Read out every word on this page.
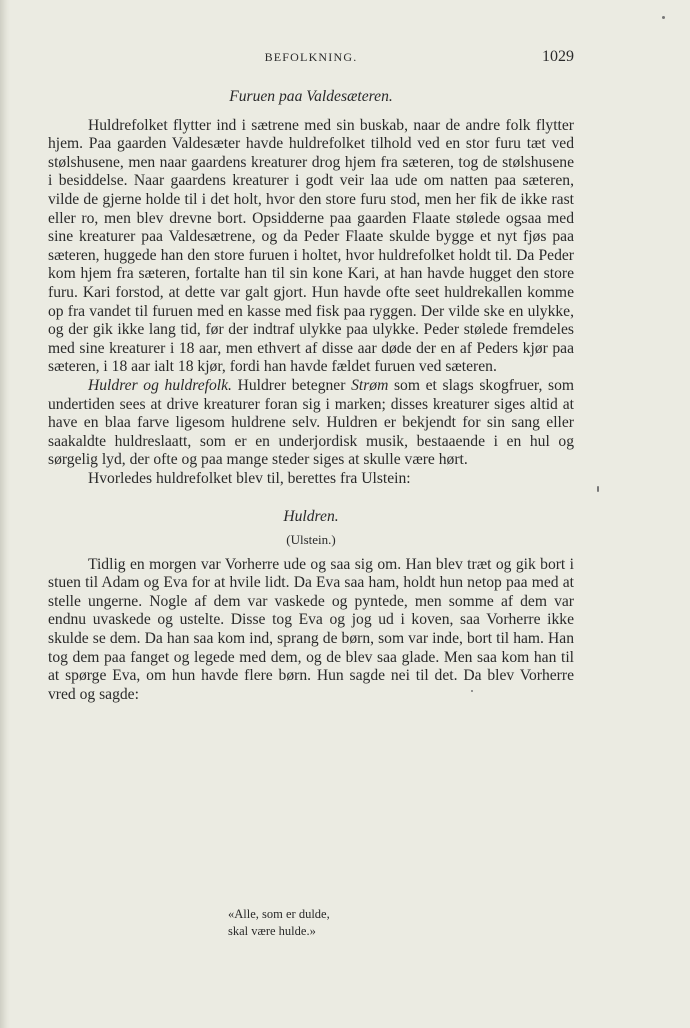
BEFOLKNING.	1029
Furuen paa Valdesæteren.

Huldrefolket flytter ind i sætrene med sin buskab, naar de andre folk flytter hjem. Paa gaarden Valdesæter havde huldrefolket tilhold ved en stor furu tæt ved stølshusene, men naar gaardens kreaturer drog hjem fra sæteren, tog de stølshusene i besiddelse. Naar gaardens kreaturer i godt veir laa ude om natten paa sæteren, vilde de gjerne holde til i det holt, hvor den store furu stod, men her fik de ikke rast eller ro, men blev drevne bort. Opsidderne paa gaarden Flaate stølede ogsaa med sine kreaturer paa Valdesætrene, og da Peder Flaate skulde bygge et nyt fjøs paa sæteren, huggede han den store furuen i holtet, hvor huldrefolket holdt til. Da Peder kom hjem fra sæteren, fortalte han til sin kone Kari, at han havde hugget den store furu. Kari forstod, at dette var galt gjort. Hun havde ofte seet huldrekallen komme op fra vandet til furuen med en kasse med fisk paa ryggen. Der vilde ske en ulykke, og der gik ikke lang tid, før der indtraf ulykke paa ulykke. Peder stølede fremdeles med sine kreaturer i 18 aar, men ethvert af disse aar døde der en af Peders kjør paa sæteren, i 18 aar ialt 18 kjør, fordi han havde fældet furuen ved sæteren.

Huldrer og huldrefolk. Huldrer betegner Strøm som et slags skogfruer, som undertiden sees at drive kreaturer foran sig i marken; disses kreaturer siges altid at have en blaa farve ligesom huldrene selv. Huldren er bekjendt for sin sang eller saakaldte huldreslaatt, som er en underjordisk musik, bestaaende i en hul og sørgelig lyd, der ofte og paa mange steder siges at skulle være hørt.

Hvorledes huldrefolket blev til, berettes fra Ulstein:

Huldren.
(Ulstein.)

Tidlig en morgen var Vorherre ude og saa sig om. Han blev træt og gik bort i stuen til Adam og Eva for at hvile lidt. Da Eva saa ham, holdt hun netop paa med at stelle ungerne. Nogle af dem var vaskede og pyntede, men somme af dem var endnu uvaskede og ustelte. Disse tog Eva og jog ud i koven, saa Vorherre ikke skulde se dem. Da han saa kom ind, sprang de børn, som var inde, bort til ham. Han tog dem paa fanget og legede med dem, og de blev saa glade. Men saa kom han til at spørge Eva, om hun havde flere børn. Hun sagde nei til det. Da blev Vorherre vred og sagde:

«Alle, som er dulde,
skal være hulde.»
